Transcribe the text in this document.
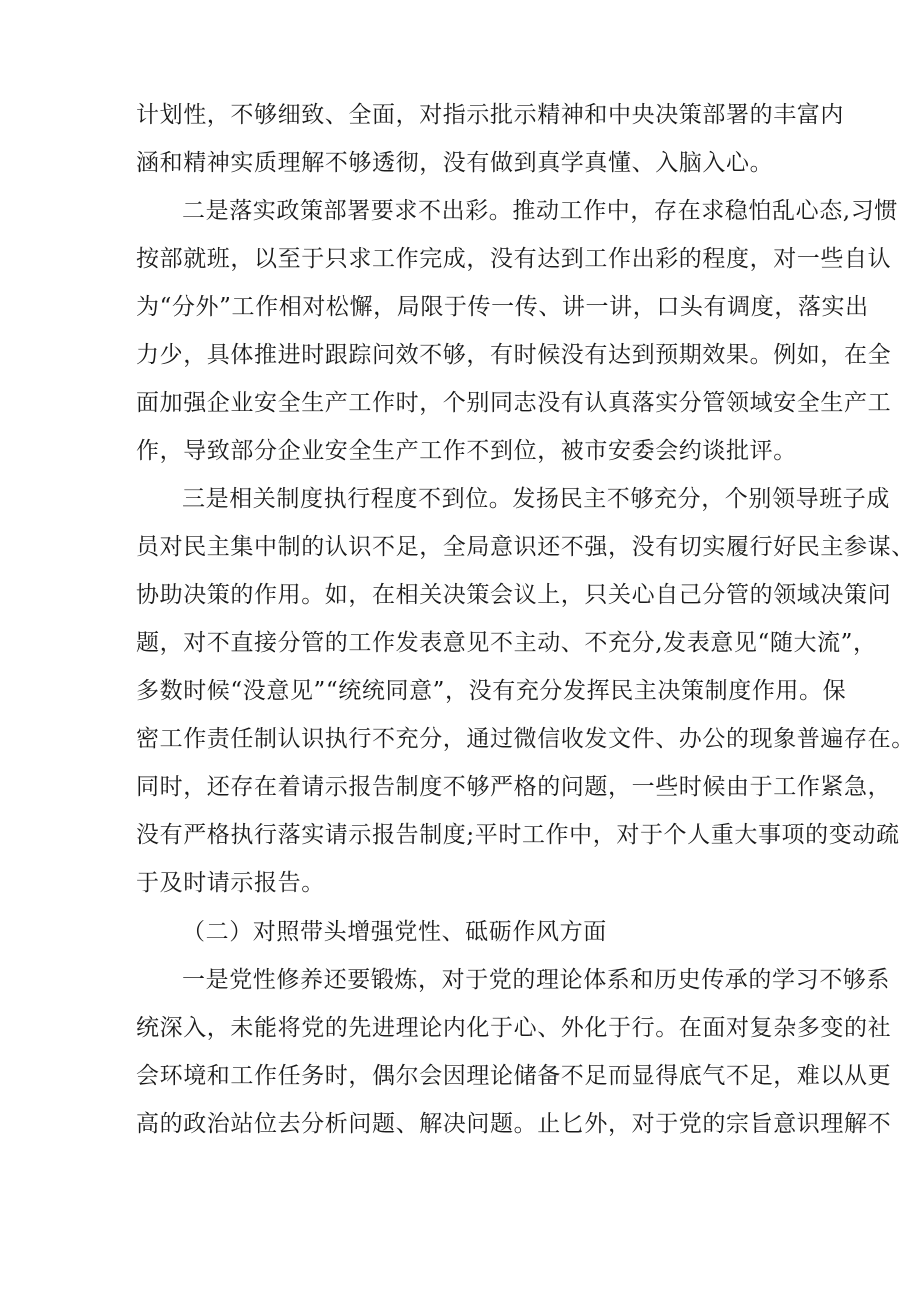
计划性，不够细致、全面，对指示批示精神和中央决策部署的丰富内
涵和精神实质理解不够透彻，没有做到真学真懂、入脑入心。
二是落实政策部署要求不出彩。推动工作中，存在求稳怕乱心态,习惯
按部就班，以至于只求工作完成，没有达到工作出彩的程度，对一些自认
为“分外”工作相对松懈，局限于传一传、讲一讲，口头有调度，落实出
力少，具体推进时跟踪问效不够，有时候没有达到预期效果。例如，在全
面加强企业安全生产工作时，个别同志没有认真落实分管领域安全生产工
作，导致部分企业安全生产工作不到位，被市安委会约谈批评。
三是相关制度执行程度不到位。发扬民主不够充分，个别领导班子成
员对民主集中制的认识不足，全局意识还不强，没有切实履行好民主参谋、
协助决策的作用。如，在相关决策会议上，只关心自己分管的领域决策问
题，对不直接分管的工作发表意见不主动、不充分,发表意见“随大流”，
多数时候“没意见”“统统同意”，没有充分发挥民主决策制度作用。保
密工作责任制认识执行不充分，通过微信收发文件、办公的现象普遍存在。
同时，还存在着请示报告制度不够严格的问题，一些时候由于工作紧急，
没有严格执行落实请示报告制度;平时工作中，对于个人重大事项的变动疏
于及时请示报告。
（二）对照带头增强党性、砥砺作风方面
一是党性修养还要锻炼，对于党的理论体系和历史传承的学习不够系
统深入，未能将党的先进理论内化于心、外化于行。在面对复杂多变的社
会环境和工作任务时，偶尔会因理论储备不足而显得底气不足，难以从更
高的政治站位去分析问题、解决问题。止匕外，对于党的宗旨意识理解不
